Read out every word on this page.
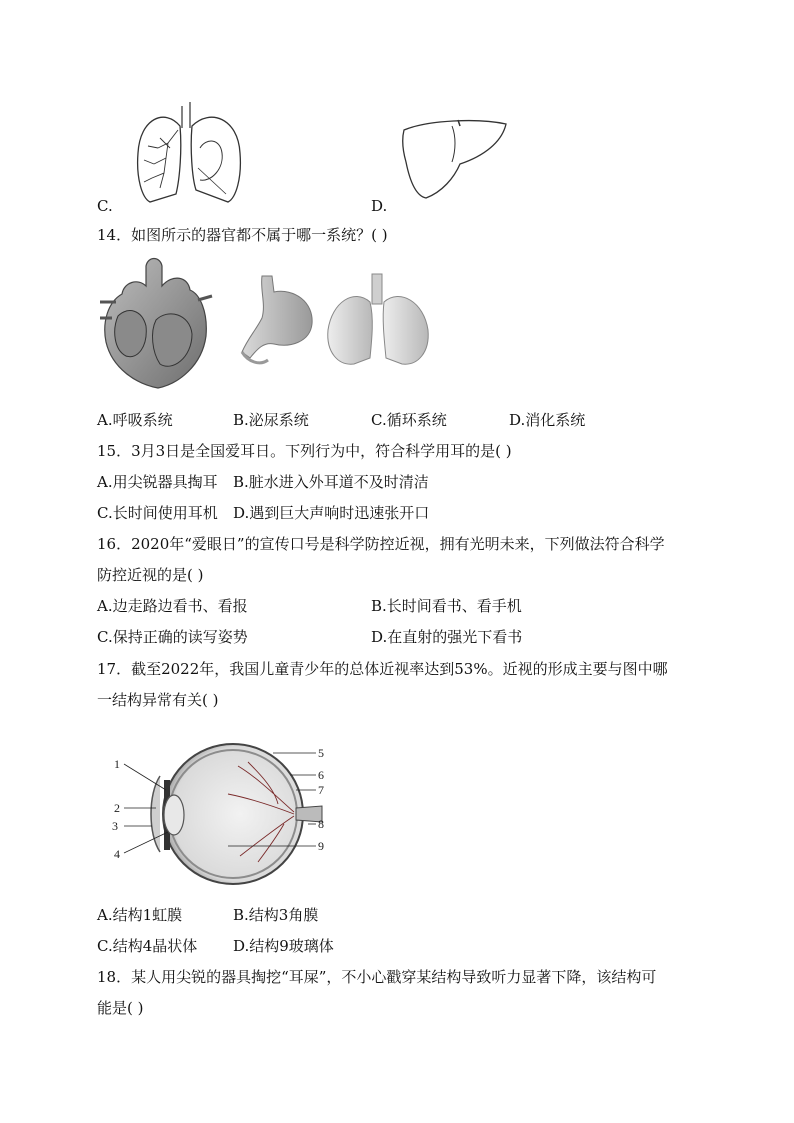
C.	D.
14．如图所示的器官都不属于哪一系统？( )
A.呼吸系统	B.泌尿系统	C.循环系统	D.消化系统
15．3月3日是全国爱耳日。下列行为中，符合科学用耳的是( )
A.用尖锐器具掏耳 B.脏水进入外耳道不及时清洁
C.长时间使用耳机 D.遇到巨大声响时迅速张开口
16．2020年“爱眼日”的宣传口号是科学防控近视，拥有光明未来，下列做法符合科学
防控近视的是( )
A.边走路边看书、看报	B.长时间看书、看手机
C.保持正确的读写姿势	D.在直射的强光下看书
17．截至2022年，我国儿童青少年的总体近视率达到53%。近视的形成主要与图中哪
一结构异常有关( )
1
2
3
4
5
6
7
8
9
A.结构1虹膜	B.结构3角膜
C.结构4晶状体 D.结构9玻璃体
18．某人用尖锐的器具掏挖“耳屎”，不小心戳穿某结构导致听力显著下降，该结构可
能是( )
